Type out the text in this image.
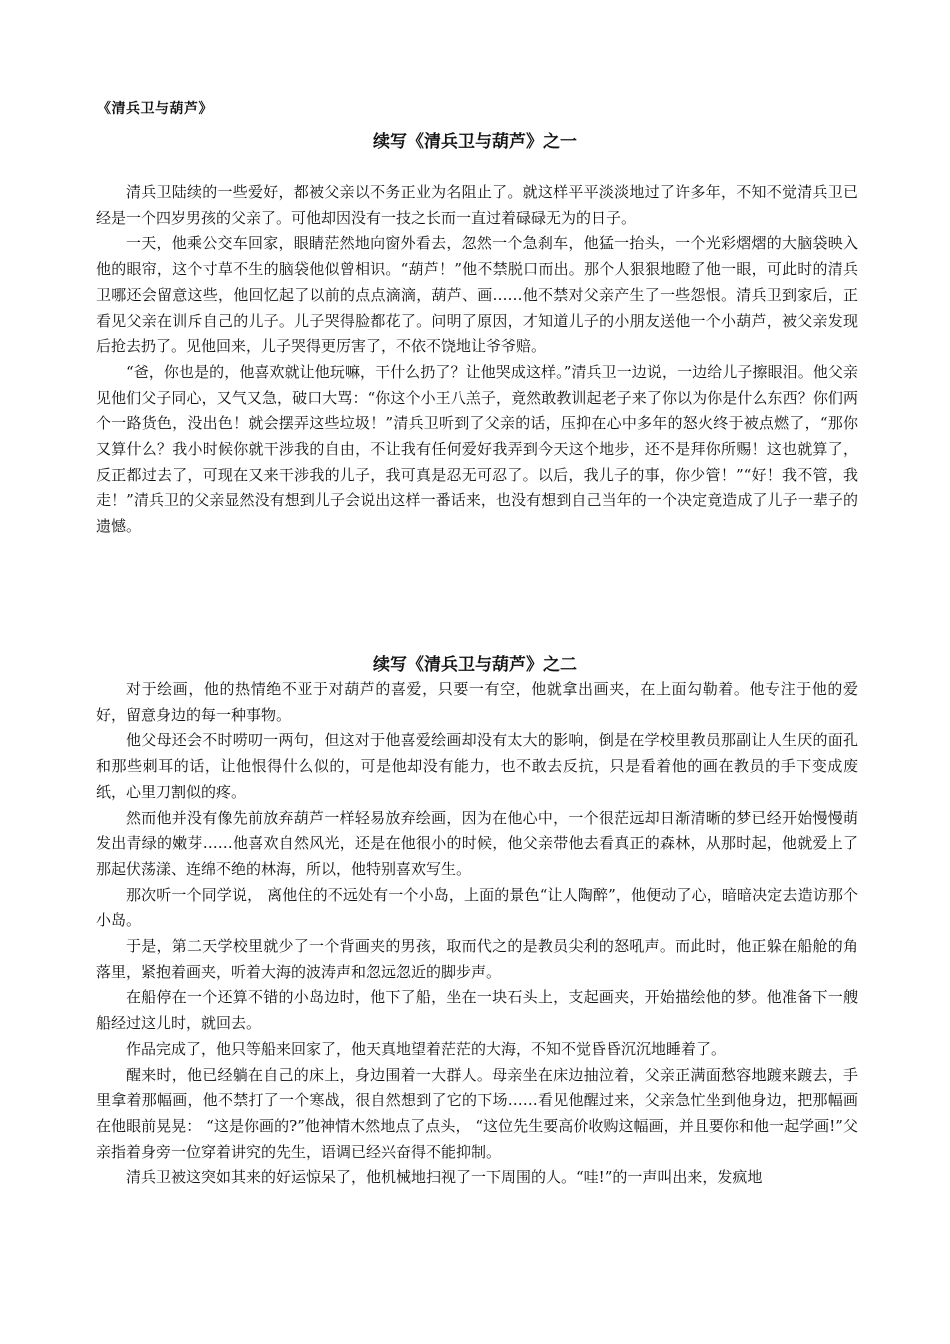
《清兵卫与葫芦》
续写《清兵卫与葫芦》之一

清兵卫陆续的一些爱好，都被父亲以不务正业为名阻止了。就这样平平淡淡地过了许多年，不知不觉清兵卫已经是一个四岁男孩的父亲了。可他却因没有一技之长而一直过着碌碌无为的日子。

一天，他乘公交车回家，眼睛茫然地向窗外看去，忽然一个急刹车，他猛一抬头，一个光彩熠熠的大脑袋映入他的眼帘，这个寸草不生的脑袋他似曾相识。“葫芦！”他不禁脱口而出。那个人狠狠地瞪了他一眼，可此时的清兵卫哪还会留意这些，他回忆起了以前的点点滴滴，葫芦、画……他不禁对父亲产生了一些怨恨。清兵卫到家后，正看见父亲在训斥自己的儿子。儿子哭得脸都花了。问明了原因，才知道儿子的小朋友送他一个小葫芦，被父亲发现后抢去扔了。见他回来，儿子哭得更厉害了，不依不饶地让爷爷赔。

“爸，你也是的，他喜欢就让他玩嘛，干什么扔了？让他哭成这样。”清兵卫一边说，一边给儿子擦眼泪。他父亲见他们父子同心，又气又急，破口大骂：“你这个小王八羔子，竟然敢教训起老子来了你以为你是什么东西？你们两个一路货色，没出色！就会摆弄这些垃圾！”清兵卫听到了父亲的话，压抑在心中多年的怒火终于被点燃了，“那你又算什么？我小时候你就干涉我的自由，不让我有任何爱好我弄到今天这个地步，还不是拜你所赐！这也就算了，反正都过去了，可现在又来干涉我的儿子，我可真是忍无可忍了。以后，我儿子的事，你少管！”“好！我不管，我走！”清兵卫的父亲显然没有想到儿子会说出这样一番话来，也没有想到自己当年的一个决定竟造成了儿子一辈子的遗憾。

续写《清兵卫与葫芦》之二

对于绘画，他的热情绝不亚于对葫芦的喜爱，只要一有空，他就拿出画夹，在上面勾勒着。他专注于他的爱好，留意身边的每一种事物。

他父母还会不时唠叨一两句，但这对于他喜爱绘画却没有太大的影响，倒是在学校里教员那副让人生厌的面孔和那些刺耳的话，让他恨得什么似的，可是他却没有能力，也不敢去反抗，只是看着他的画在教员的手下变成废纸，心里刀割似的疼。

然而他并没有像先前放弃葫芦一样轻易放弃绘画，因为在他心中，一个很茫远却日渐清晰的梦已经开始慢慢萌发出青绿的嫩芽……他喜欢自然风光，还是在他很小的时候，他父亲带他去看真正的森林，从那时起，他就爱上了那起伏荡漾、连绵不绝的林海，所以，他特别喜欢写生。

那次听一个同学说， 离他住的不远处有一个小岛，上面的景色“让人陶醉”，他便动了心，暗暗决定去造访那个小岛。

于是，第二天学校里就少了一个背画夹的男孩，取而代之的是教员尖利的怒吼声。而此时，他正躲在船舱的角落里，紧抱着画夹，听着大海的波涛声和忽远忽近的脚步声。

在船停在一个还算不错的小岛边时，他下了船，坐在一块石头上，支起画夹，开始描绘他的梦。他准备下一艘船经过这儿时，就回去。

作品完成了，他只等船来回家了，他天真地望着茫茫的大海，不知不觉昏昏沉沉地睡着了。

醒来时，他已经躺在自己的床上，身边围着一大群人。母亲坐在床边抽泣着，父亲正满面愁容地踱来踱去，手里拿着那幅画，他不禁打了一个寒战，很自然想到了它的下场……看见他醒过来，父亲急忙坐到他身边，把那幅画在他眼前晃晃： “这是你画的?”他神情木然地点了点头， “这位先生要高价收购这幅画，并且要你和他一起学画!”父亲指着身旁一位穿着讲究的先生，语调已经兴奋得不能抑制。

清兵卫被这突如其来的好运惊呆了，他机械地扫视了一下周围的人。“哇!”的一声叫出来，发疯地
